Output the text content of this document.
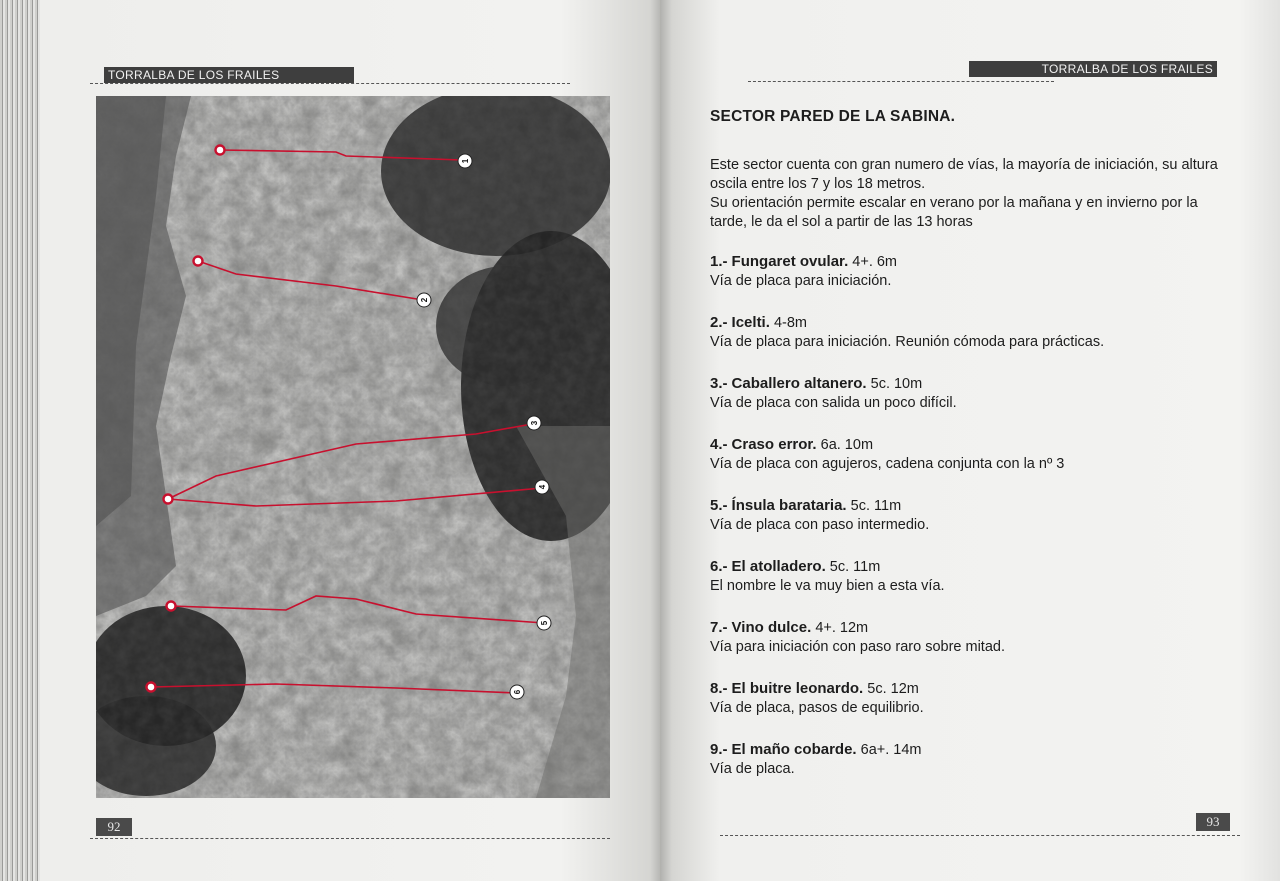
TORRALBA DE LOS FRAILES
1
2
3
4
5
6
92
TORRALBA DE LOS FRAILES
93
SECTOR PARED DE LA SABINA.

Este sector cuenta con gran numero de vías, la mayoría de iniciación, su altura oscila entre los 7 y los 18 metros.

Su orientación permite escalar en verano por la mañana y en invierno por la tarde, le da el sol a partir de las 13 horas

1.- Fungaret ovular. 4+. 6m
Vía de placa para iniciación.
2.- Icelti. 4-8m
Vía de placa para iniciación. Reunión cómoda para prácticas.
3.- Caballero altanero. 5c. 10m
Vía de placa con salida un poco difícil.
4.- Craso error. 6a. 10m
Vía de placa con agujeros, cadena conjunta con la nº 3
5.- Ínsula barataria. 5c. 11m
Vía de placa con paso intermedio.
6.- El atolladero. 5c. 11m
El nombre le va muy bien a esta vía.
7.- Vino dulce. 4+. 12m
Vía para iniciación con paso raro sobre mitad.
8.- El buitre leonardo. 5c. 12m
Vía de placa, pasos de equilibrio.
9.- El maño cobarde. 6a+. 14m
Vía de placa.
